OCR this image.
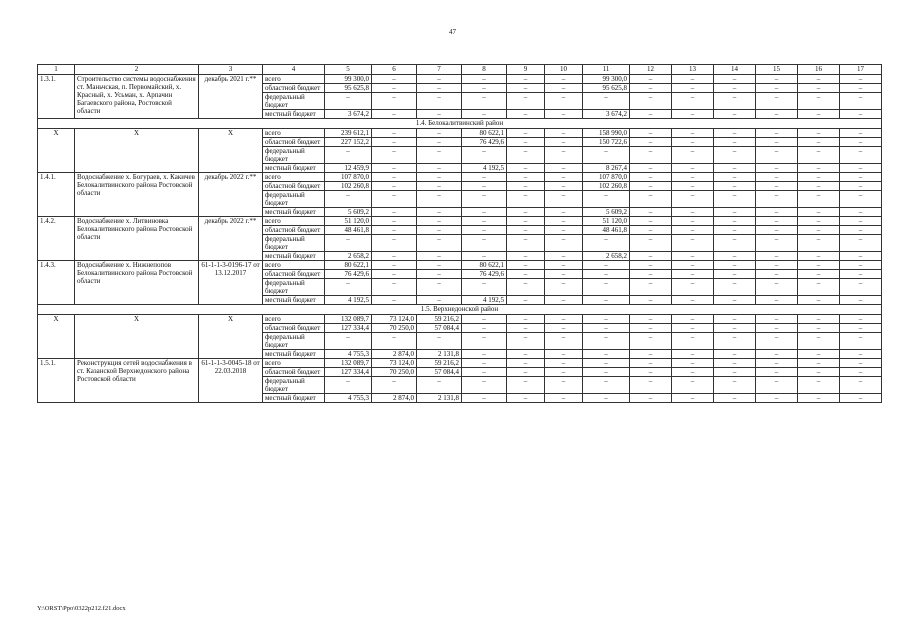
47
1	2	3	4	5	6	7	8	9	10	11	12	13	14	15	16	17
1.3.1.	Строительство системы водоснабжения ст. Маньчская, п. Первомайский, х. Красный, х. Усьман, х. Арпачин Багаевского района, Ростовской области	декабрь 2021 г.**	всего	99 300,0	–	–	–	–	–	99 300,0	–	–	–	–	–	–
			областной бюджет	95 625,8	–	–	–	–	–	95 625,8	–	–	–	–	–	–
			федеральный бюджет	–	–	–	–	–	–	–	–	–	–	–	–	–
			местный бюджет	3 674,2	–	–	–	–	–	3 674,2	–	–	–	–	–	–
1.4. Белокалитвинский район																
X	X	X	всего	239 612,1	–	–	80 622,1	–	–	158 990,0	–	–	–	–	–	–
			областной бюджет	227 152,2	–	–	76 429,6	–	–	150 722,6	–	–	–	–	–	–
			федеральный бюджет	–	–	–	–	–	–	–	–	–	–	–	–	–
			местный бюджет	12 459,9	–	–	4 192,5	–	–	8 267,4	–	–	–	–	–	–
1.4.1.	Водоснабжение х. Богураев, х. Какичев Белокалитвинского района Ростовской области	декабрь 2022 г.**	всего	107 870,0	–	–	–	–	–	107 870,0	–	–	–	–	–	–
			областной бюджет	102 260,8	–	–	–	–	–	102 260,8	–	–	–	–	–	–
			федеральный бюджет	–	–	–	–	–	–	–	–	–	–	–	–	–
			местный бюджет	5 609,2	–	–	–	–	–	5 609,2	–	–	–	–	–	–
1.4.2.	Водоснабжение х. Литвиновка Белокалитвинского района Ростовской области	декабрь 2022 г.**	всего	51 120,0	–	–	–	–	–	51 120,0	–	–	–	–	–	–
			областной бюджет	48 461,8	–	–	–	–	–	48 461,8	–	–	–	–	–	–
			федеральный бюджет	–	–	–	–	–	–	–	–	–	–	–	–	–
			местный бюджет	2 658,2	–	–	–	–	–	2 658,2	–	–	–	–	–	–
1.4.3.	Водоснабжение х. Нижнепопов Белокалитвинского района Ростовской области	61-1-1-3-0196-17 от 13.12.2017	всего	80 622,1	–	–	80 622,1	–	–	–	–	–	–	–	–	–
			областной бюджет	76 429,6	–	–	76 429,6	–	–	–	–	–	–	–	–	–
			федеральный бюджет	–	–	–	–	–	–	–	–	–	–	–	–	–
			местный бюджет	4 192,5	–	–	4 192,5	–	–	–	–	–	–	–	–	–
1.5. Верхнедонской район																
X	X	X	всего	132 089,7	73 124,0	59 216,2	–	–	–	–	–	–	–	–	–	–
			областной бюджет	127 334,4	70 250,0	57 084,4	–	–	–	–	–	–	–	–	–	–
			федеральный бюджет	–	–	–	–	–	–	–	–	–	–	–	–	–
			местный бюджет	4 755,3	2 874,0	2 131,8	–	–	–	–	–	–	–	–	–	–
1.5.1.	Реконструкция сетей водоснабжения в ст. Казанской Верхнедонского района Ростовской области	61-1-1-3-0045-18 от 22.03.2018	всего	132 089,7	73 124,0	59 216,2	–	–	–	–	–	–	–	–	–	–
			областной бюджет	127 334,4	70 250,0	57 084,4	–	–	–	–	–	–	–	–	–	–
			федеральный бюджет	–	–	–	–	–	–	–	–	–	–	–	–	–
			местный бюджет	4 755,3	2 874,0	2 131,8	–	–	–	–	–	–	–	–	–	–
Y:\ORST\Ppo\0322p212.f21.docx
